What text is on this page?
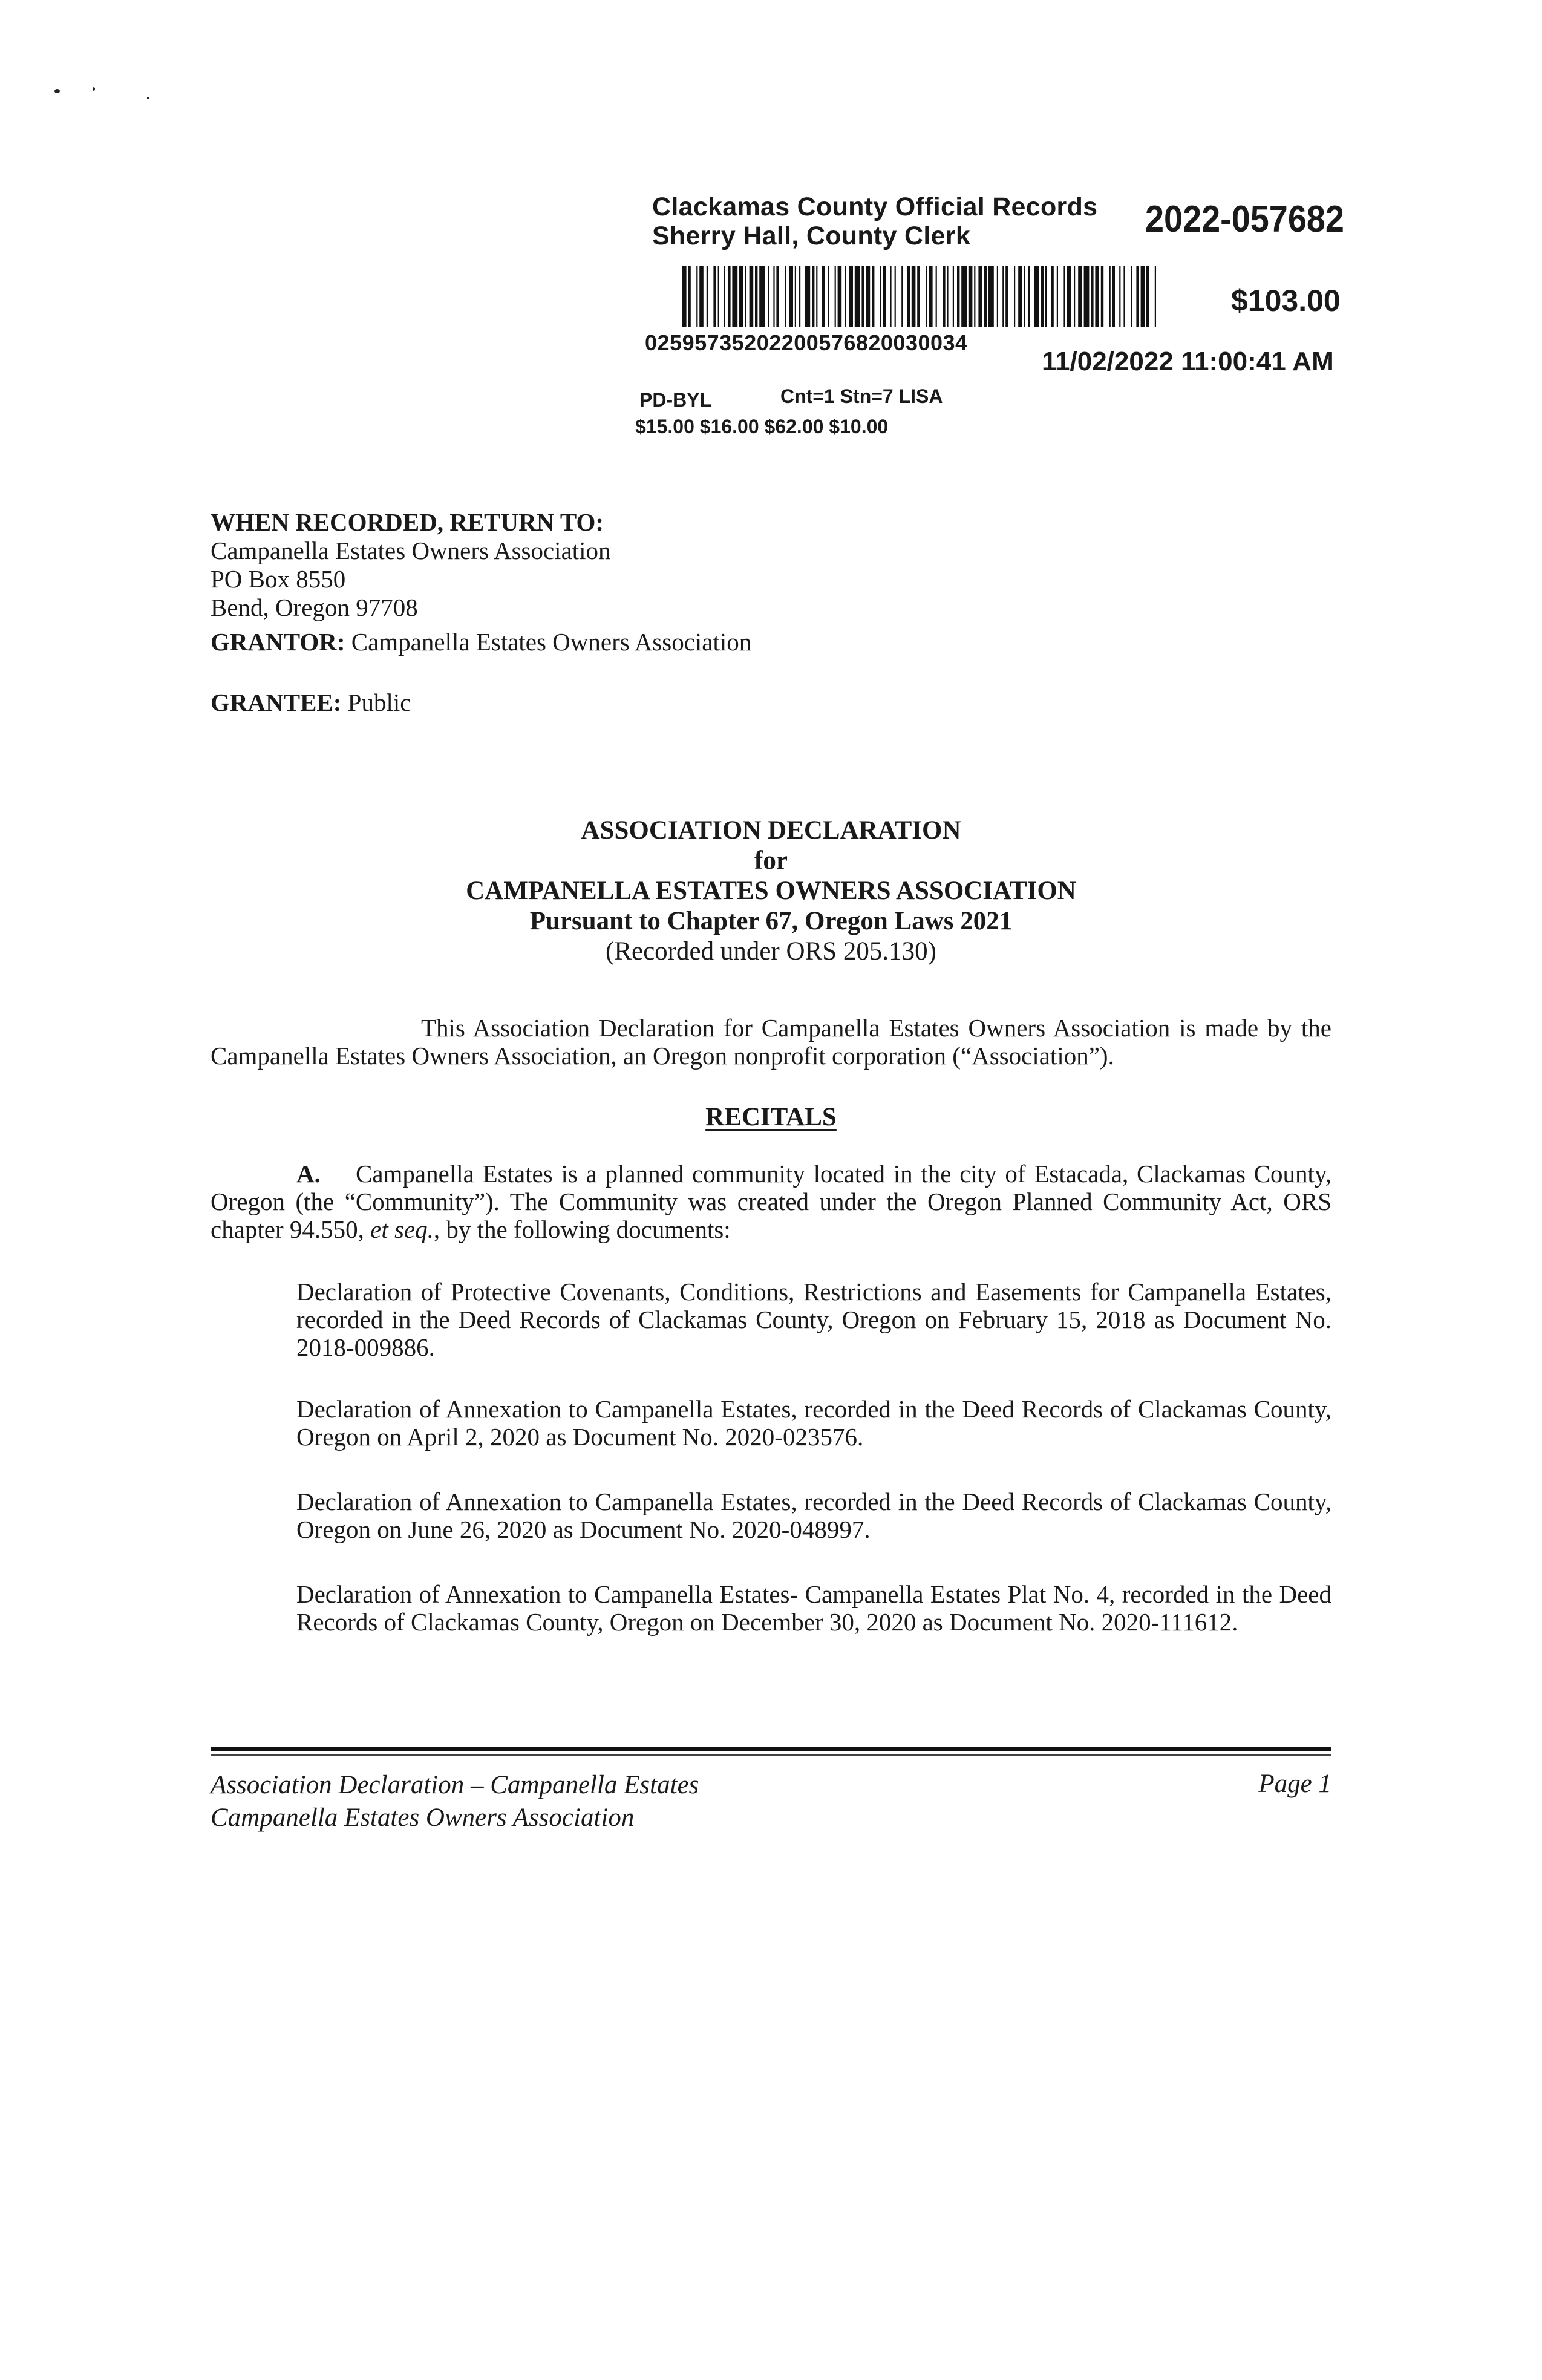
Clackamas County Official Records
Sherry Hall, County Clerk	2022-057682
02595735202200576820030034
$103.00
11/02/2022 11:00:41 AM
PD-BYL	Cnt=1 Stn=7 LISA
$15.00 $16.00 $62.00 $10.00
WHEN RECORDED, RETURN TO:
Campanella Estates Owners Association
PO Box 8550
Bend, Oregon 97708
GRANTOR: Campanella Estates Owners Association
GRANTEE: Public
ASSOCIATION DECLARATION
for
CAMPANELLA ESTATES OWNERS ASSOCIATION
Pursuant to Chapter 67, Oregon Laws 2021
(Recorded under ORS 205.130)
This Association Declaration for Campanella Estates Owners Association is made by the Campanella Estates Owners Association, an Oregon nonprofit corporation (“Association”).
RECITALS
A. Campanella Estates is a planned community located in the city of Estacada, Clackamas County, Oregon (the “Community”). The Community was created under the Oregon Planned Community Act, ORS chapter 94.550, et seq., by the following documents:
Declaration of Protective Covenants, Conditions, Restrictions and Easements for Campanella Estates, recorded in the Deed Records of Clackamas County, Oregon on February 15, 2018 as Document No. 2018-009886.
Declaration of Annexation to Campanella Estates, recorded in the Deed Records of Clackamas County, Oregon on April 2, 2020 as Document No. 2020-023576.
Declaration of Annexation to Campanella Estates, recorded in the Deed Records of Clackamas County, Oregon on June 26, 2020 as Document No. 2020-048997.
Declaration of Annexation to Campanella Estates- Campanella Estates Plat No. 4, recorded in the Deed Records of Clackamas County, Oregon on December 30, 2020 as Document No. 2020-111612.
Association Declaration – Campanella Estates
Campanella Estates Owners Association
Page 1
